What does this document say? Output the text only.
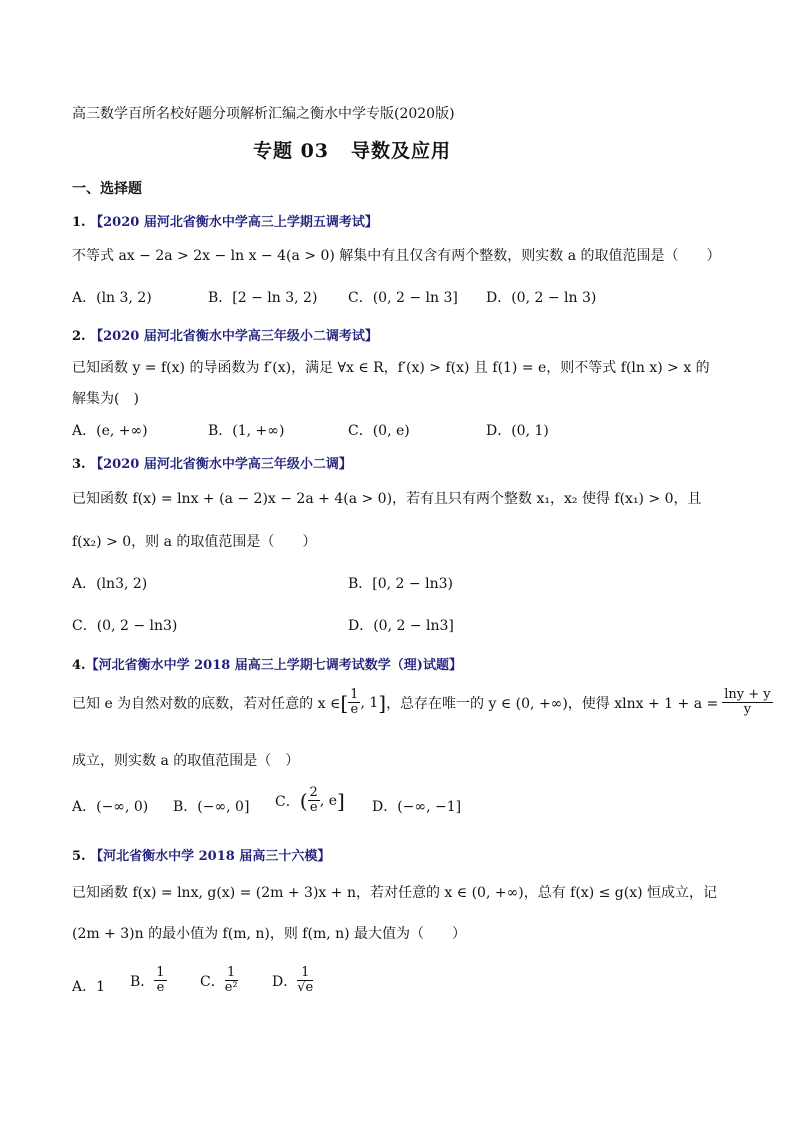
高三数学百所名校好题分项解析汇编之衡水中学专版(2020版)
专题 03 导数及应用
一、选择题
1. 【2020 届河北省衡水中学高三上学期五调考试】
不等式 ax − 2a > 2x − ln x − 4(a > 0) 解集中有且仅含有两个整数，则实数 a 的取值范围是（　　）
A．(ln 3, 2)	B．[2 − ln 3, 2) C．(0, 2 − ln 3] D．(0, 2 − ln 3)
2. 【2020 届河北省衡水中学高三年级小二调考试】
已知函数 y = f(x) 的导函数为 f′(x)，满足 ∀x ∈ R，f′(x) > f(x) 且 f(1) = e，则不等式 f(ln x) > x 的
解集为(　)
A．(e, +∞)	B．(1, +∞)	C．(0, e)	D．(0, 1)
3. 【2020 届河北省衡水中学高三年级小二调】
已知函数 f(x) = lnx + (a − 2)x − 2a + 4(a > 0)，若有且只有两个整数 x₁，x₂ 使得 f(x₁) > 0，且
f(x₂) > 0，则 a 的取值范围是（　　）
A．(ln3, 2)	B．[0, 2 − ln3)
C．(0, 2 − ln3)	D．(0, 2 − ln3]
4.【河北省衡水中学 2018 届高三上学期七调考试数学（理)试题】
已知 e 为自然对数的底数，若对任意的 x ∈ [ $\frac{1}{e}$ , 1 ] ，总存在唯一的 y ∈ (0, +∞)，使得 $xlnx + 1 + a = \frac{\ln y + y}{y}$
成立，则实数 a 的取值范围是（　）
A．(−∞, 0) B．(−∞, 0] C． ( $\frac{2}{e}$ , e ] D．(−∞, −1]
5. 【河北省衡水中学 2018 届高三十六模】
已知函数 f(x) = lnx, g(x) = (2m + 3)x + n，若对任意的 x ∈ (0, +∞)，总有 f(x) ≤ g(x) 恒成立，记
(2m + 3)n 的最小值为 f(m, n)，则 f(m, n) 最大值为（　　）
A．1 B． $\frac{1}{e}$ C． $\frac{1}{\text{e²}}$ D． $\frac{1}{√e}$
